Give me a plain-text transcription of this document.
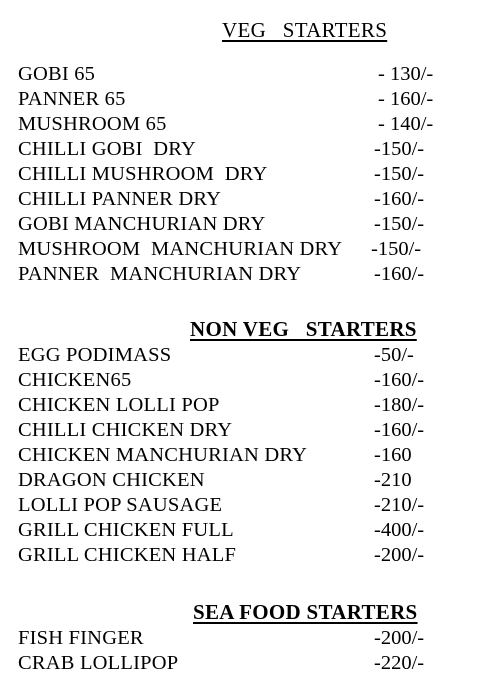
VEG   STARTERS
NON VEG   STARTERS
SEA FOOD STARTERS
GOBI 65	- 130/-
PANNER 65	- 160/-
MUSHROOM 65	- 140/-
CHILLI GOBI  DRY	-150/-
CHILLI MUSHROOM  DRY	-150/-
CHILLI PANNER DRY	-160/-
GOBI MANCHURIAN DRY	-150/-
MUSHROOM  MANCHURIAN DRY -150/-
PANNER  MANCHURIAN DRY	-160/-
EGG PODIMASS	-50/-
CHICKEN65	-160/-
CHICKEN LOLLI POP	-180/-
CHILLI CHICKEN DRY	-160/-
CHICKEN MANCHURIAN DRY	-160
DRAGON CHICKEN	-210
LOLLI POP SAUSAGE	-210/-
GRILL CHICKEN FULL	-400/-
GRILL CHICKEN HALF	-200/-
FISH FINGER	-200/-
CRAB LOLLIPOP	-220/-
